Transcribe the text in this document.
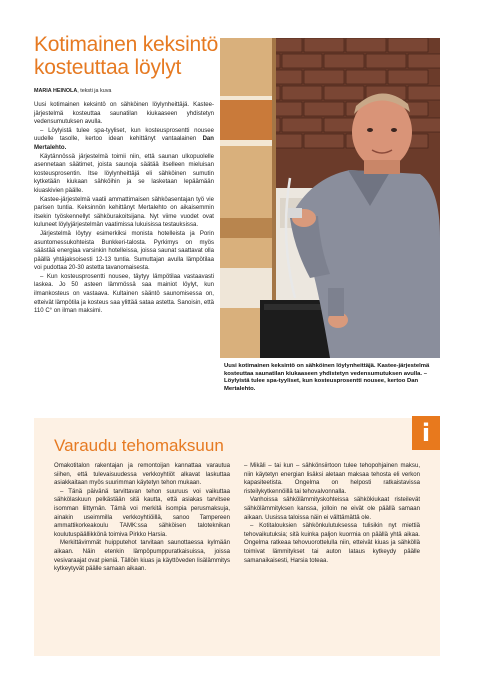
Kotimainen keksintö kosteuttaa löylyt
MARIA HEINOLA, teksti ja kuva

Uusi kotimainen keksintö on sähköinen löylynheittäjä. Kastee-järjestelmä kosteuttaa saunatilan kiukaaseen yhdistetyn vedensumutuksen avulla.

– Löylyistä tulee spa-tyyliset, kun kosteusprosentti nousee uudelle tasolle, kertoo idean kehittänyt vantaalainen Dan Mertalehto.

Käytännössä järjestelmä toimii niin, että saunan ulkopuolelle asennetaan säätimet, joista saunoja säätää itselleen mieluisan kosteusprosentin. Itse löylynheittäjä eli sähköinen sumutin kytketään kiukaan sähköihin ja se lasketaan lepäämään kiuaskivien päälle.

Kastee-järjestelmä vaatii ammattimaisen sähköasentajan työ vie parisen tuntia. Keksinnön kehittänyt Mertalehto on aikaisemmin itsekin työskennellyt sähköurakoitsijana. Nyt viime vuodet ovat kuluneet löylyjärjestelmän vaatimissa lukuisissa testauksissa.

Järjestelmä löytyy esimerkiksi monista hotelleista ja Porin asuntomessukohteista Bunkkeri-talosta. Pyrkimys on myös säästää energiaa varsinkin hotelleissa, joissa saunat saattavat olla päällä yhtäjaksoisesti 12-13 tuntia. Sumuttajan avulla lämpötilaa voi pudottaa 20-30 astetta tavanomaisesta.

– Kun kosteusprosentti nousee, täytyy lämpötilaa vastaavasti laskea. Jo 50 asteen lämmössä saa mainiot löylyt, kun ilmankosteus on vastaava. Kultainen sääntö saunomisessa on, etteivät lämpötila ja kosteus saa ylittää sataa astetta. Sanoisin, että 110 C° on ilman maksimi.

Uusi kotimainen keksintö on sähköinen löylynheittäjä. Kastee-järjestelmä kosteuttaa saunatilan kiukaaseen yhdistetyn vedensumutuksen avulla. – Löylyistä tulee spa-tyyliset, kun kosteusprosentti nousee, kertoo Dan Mertalehto.
Varaudu tehomaksuun	i

Omakotitalon rakentajan ja remontoijan kannattaa varautua siihen, että tulevaisuudessa verkkoyhtiöt alkavat laskuttaa asiakkaitaan myös suurimman käytetyn tehon mukaan.

– Tänä päivänä tarvittavan tehon suuruus voi vaikuttaa sähkölaskuun pelkästään sitä kautta, että asiakas tarvitsee isomman liittymän. Tämä voi merkitä isompia perusmaksuja, ainakin useimmilla verkkoyhtiöillä, sanoo Tampereen ammattikorkeakoulu TAMK:ssa sähköisen taloteknikan koulutuspäällikkönä toimiva Pirkko Harsia.

Merkittävimmät huipputehot tarvitaan saunottaessa kylmään aikaan. Näin etenkin lämpöpumppuratkaisuissa, joissa vesivaraajat ovat pieniä. Tällöin kiuas ja käyttöveden lisälämmitys kytkeytyvät päälle samaan aikaan.

– Mikäli – tai kun – sähkönsiirtoon tulee tehopohjainen maksu, niin käytetyn energian lisäksi aletaan maksaa tehosta eli verkon kapasiteetista. Ongelma on helposti ratkaistavissa risteilykytkennöillä tai tehovalvonnalla.

Vanhoissa sähkölämmityskohteissa sähkökiukaat risteilevät sähkölämmityksen kanssa, jolloin ne eivät ole päällä samaan aikaan. Uusissa taloissa näin ei välttämättä ole.

– Kotitalouksien sähkönkulutuksessa tulisikin nyt miettiä tehovaikutuksia; sitä kuinka paljon kuormia on päällä yhtä aikaa. Ongelma ratkeaa tehovuorottelulla niin, etteivät kiuas ja sähköllä toimivat lämmitykset tai auton lataus kytkeydy päälle samanaikaisesti, Harsia toteaa.
